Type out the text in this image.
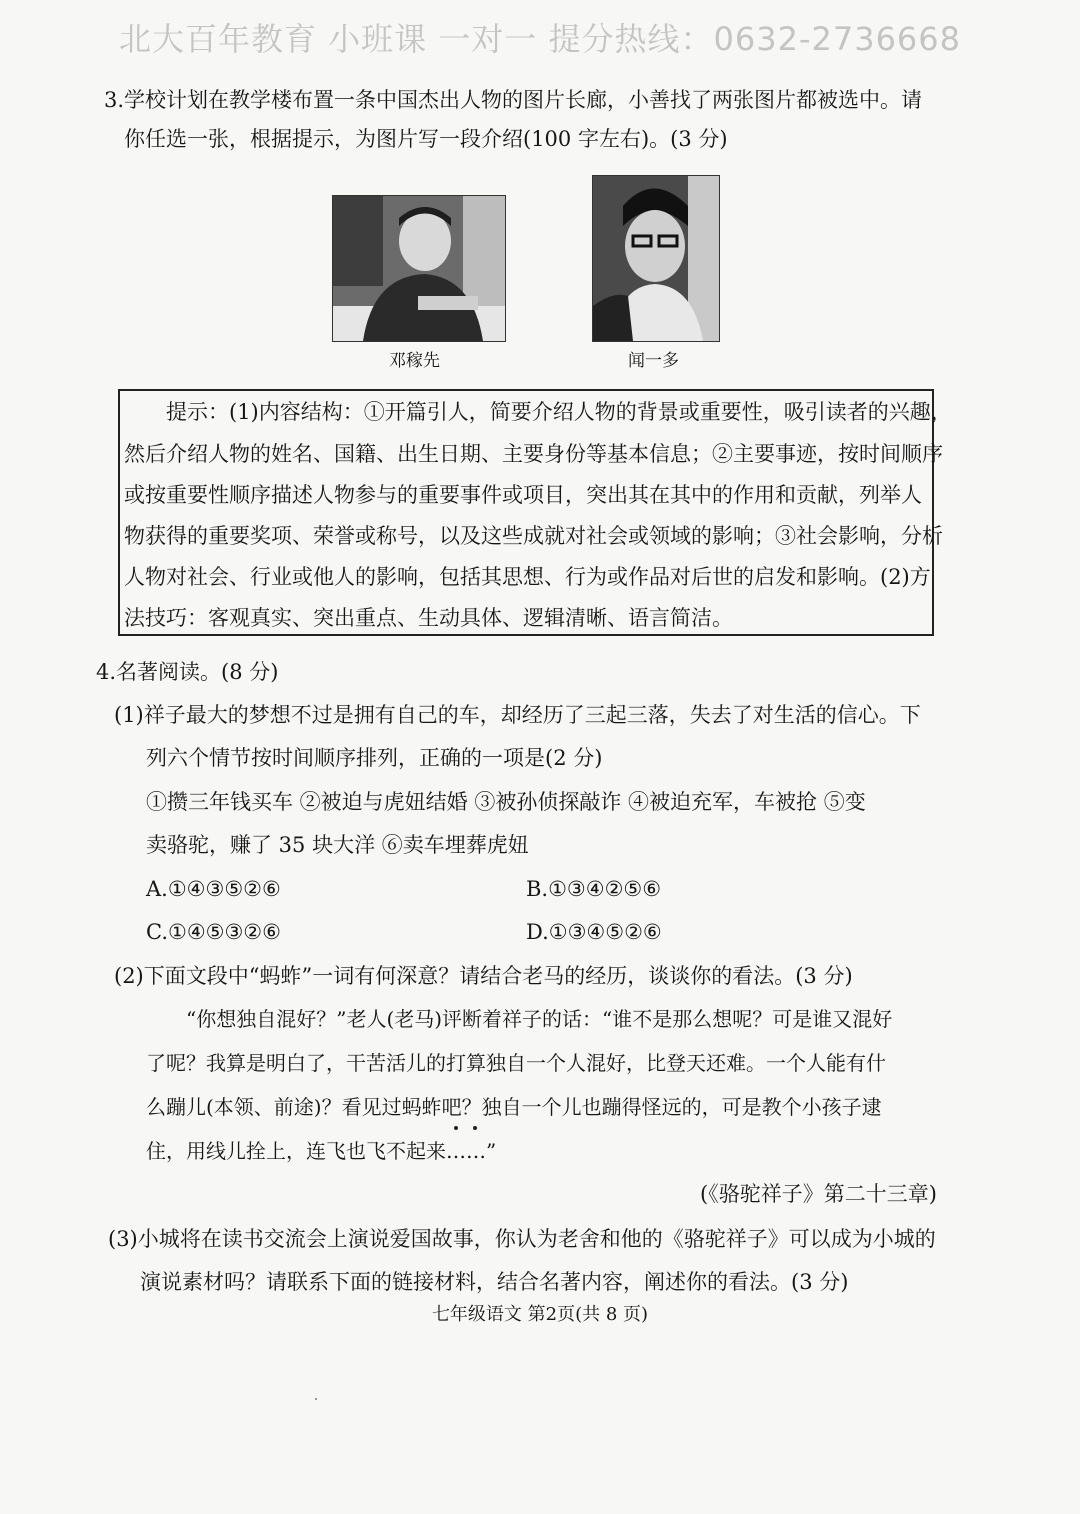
北大百年教育 小班课 一对一 提分热线：0632-2736668
3.学校计划在教学楼布置一条中国杰出人物的图片长廊，小善找了两张图片都被选中。请
你任选一张，根据提示，为图片写一段介绍(100 字左右)。(3 分)
邓稼先	闻一多
提示：(1)内容结构：①开篇引人，简要介绍人物的背景或重要性，吸引读者的兴趣，
然后介绍人物的姓名、国籍、出生日期、主要身份等基本信息；②主要事迹，按时间顺序
或按重要性顺序描述人物参与的重要事件或项目，突出其在其中的作用和贡献，列举人
物获得的重要奖项、荣誉或称号，以及这些成就对社会或领域的影响；③社会影响，分析
人物对社会、行业或他人的影响，包括其思想、行为或作品对后世的启发和影响。(2)方
法技巧：客观真实、突出重点、生动具体、逻辑清晰、语言简洁。
4.名著阅读。(8 分)
(1)祥子最大的梦想不过是拥有自己的车，却经历了三起三落，失去了对生活的信心。下
列六个情节按时间顺序排列，正确的一项是(2 分)
①攒三年钱买车 ②被迫与虎妞结婚 ③被孙侦探敲诈 ④被迫充军，车被抢 ⑤变
卖骆驼，赚了 35 块大洋 ⑥卖车埋葬虎妞
A.①④③⑤②⑥	B.①③④②⑤⑥
C.①④⑤③②⑥	D.①③④⑤②⑥
(2)下面文段中“蚂蚱”一词有何深意？请结合老马的经历，谈谈你的看法。(3 分)
“你想独自混好？”老人(老马)评断着祥子的话：“谁不是那么想呢？可是谁又混好
了呢？我算是明白了，干苦活儿的打算独自一个人混好，比登天还难。一个人能有什
么蹦儿(本领、前途)？看见过蚂蚱吧？独自一个儿也蹦得怪远的，可是教个小孩子逮
住，用线儿拴上，连飞也飞不起来……”
(《骆驼祥子》第二十三章)
(3)小城将在读书交流会上演说爱国故事，你认为老舍和他的《骆驼祥子》可以成为小城的
演说素材吗？请联系下面的链接材料，结合名著内容，阐述你的看法。(3 分)
七年级语文 第2页(共 8 页)
